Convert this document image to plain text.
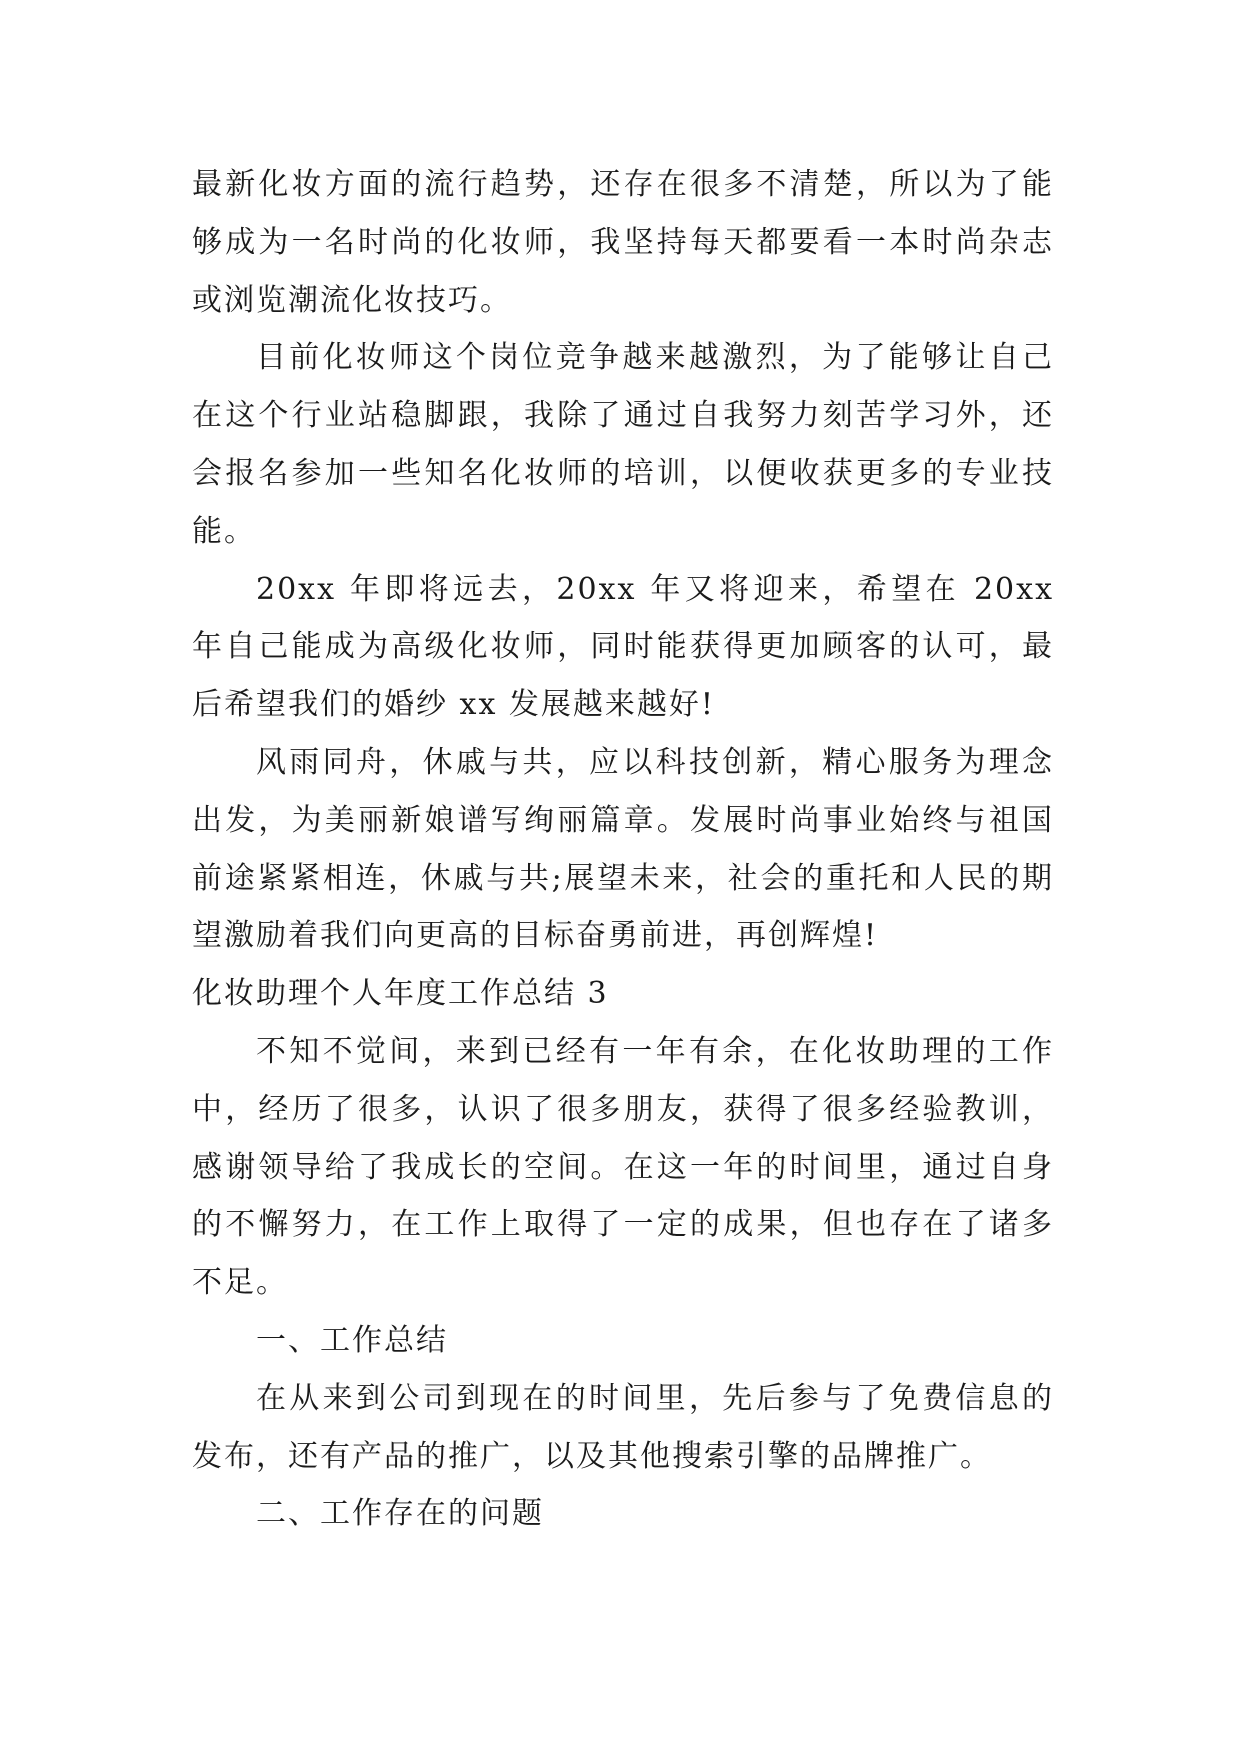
最新化妆方面的流行趋势，还存在很多不清楚，所以为了能够成为一名时尚的化妆师，我坚持每天都要看一本时尚杂志或浏览潮流化妆技巧。

目前化妆师这个岗位竞争越来越激烈，为了能够让自己在这个行业站稳脚跟，我除了通过自我努力刻苦学习外，还会报名参加一些知名化妆师的培训，以便收获更多的专业技能。

20xx 年即将远去，20xx 年又将迎来，希望在 20xx 年自己能成为高级化妆师，同时能获得更加顾客的认可，最后希望我们的婚纱 xx 发展越来越好!

风雨同舟，休戚与共，应以科技创新，精心服务为理念出发，为美丽新娘谱写绚丽篇章。发展时尚事业始终与祖国前途紧紧相连，休戚与共;展望未来，社会的重托和人民的期望激励着我们向更高的目标奋勇前进，再创辉煌!

化妆助理个人年度工作总结 3

不知不觉间，来到已经有一年有余，在化妆助理的工作中，经历了很多，认识了很多朋友，获得了很多经验教训，感谢领导给了我成长的空间。在这一年的时间里，通过自身的不懈努力，在工作上取得了一定的成果，但也存在了诸多不足。

一、工作总结

在从来到公司到现在的时间里，先后参与了免费信息的发布，还有产品的推广，以及其他搜索引擎的品牌推广。

二、工作存在的问题
